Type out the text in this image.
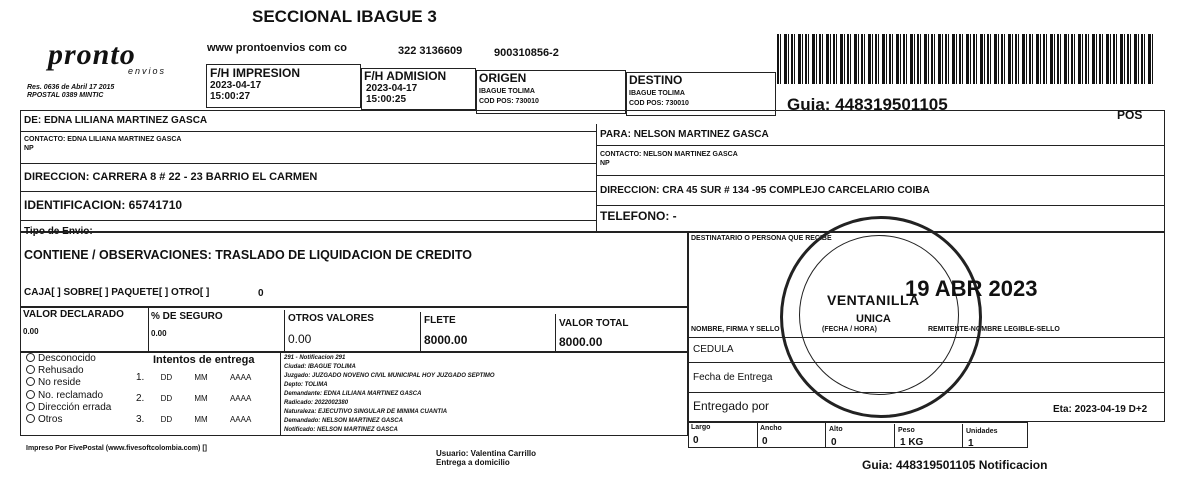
SECCIONAL IBAGUE 3
pronto
envios
www prontoenvios com co	322 3136609	900310856-2
Res. 0636 de Abril 17 2015
RPOSTAL 0389 MINTIC
F/H IMPRESION
2023-04-17
15:00:27
F/H ADMISION
2023-04-17
15:00:25
ORIGEN
IBAGUE TOLIMA
COD POS: 730010
DESTINO
IBAGUE TOLIMA
COD POS: 730010	Guia: 448319501105
POS
DE: EDNA LILIANA MARTINEZ GASCA
CONTACTO: EDNA LILIANA MARTINEZ GASCA
NP
DIRECCION: CARRERA 8 # 22 - 23 BARRIO EL CARMEN
IDENTIFICACION: 65741710
Tipo de Envio:
PARA: NELSON MARTINEZ GASCA
CONTACTO: NELSON MARTINEZ GASCA
NP
DIRECCION: CRA 45 SUR # 134 -95 COMPLEJO CARCELARIO COIBA
TELEFONO: -
CONTIENE / OBSERVACIONES: TRASLADO DE LIQUIDACION DE CREDITO
CAJA[ ] SOBRE[ ] PAQUETE[ ] OTRO[ ]	0
VALOR DECLARADO
0.00
% DE SEGURO
0.00
OTROS VALORES
0.00
FLETE
8000.00
VALOR TOTAL
8000.00
Desconocido
Rehusado
No reside
No. reclamado
Dirección errada
Otros
Intentos de entrega
1. DD	MM	AAAA
2. DD	MM	AAAA
3. DD	MM	AAAA
291 - Notificacion 291
Ciudad: IBAGUE TOLIMA
Juzgado: JUZGADO NOVENO CIVIL MUNICIPAL HOY JUZGADO SEPTIMO
Depto: TOLIMA
Demandante: EDNA LILIANA MARTINEZ GASCA
Radicado: 2022002380
Naturaleza: EJECUTIVO SINGULAR DE MINIMA CUANTIA
Demandado: NELSON MARTINEZ GASCA
Notificado: NELSON MARTINEZ GASCA
DESTINATARIO O PERSONA QUE RECIBE
NOMBRE, FIRMA Y SELLO	(FECHA / HORA)	REMITENTE-NOMBRE LEGIBLE-SELLO
CEDULA
Fecha de Entrega
Entregado por	Eta: 2023-04-19 D+2
Largo
0
Ancho
0
Alto
0
Peso
1 KG
Unidades
1
Impreso Por FivePostal (www.fivesoftcolombia.com) []
Usuario: Valentina Carrillo
Entrega a domicilio	Guia: 448319501105 Notificacion
VENTANILLA
UNICA
19 ABR 2023
